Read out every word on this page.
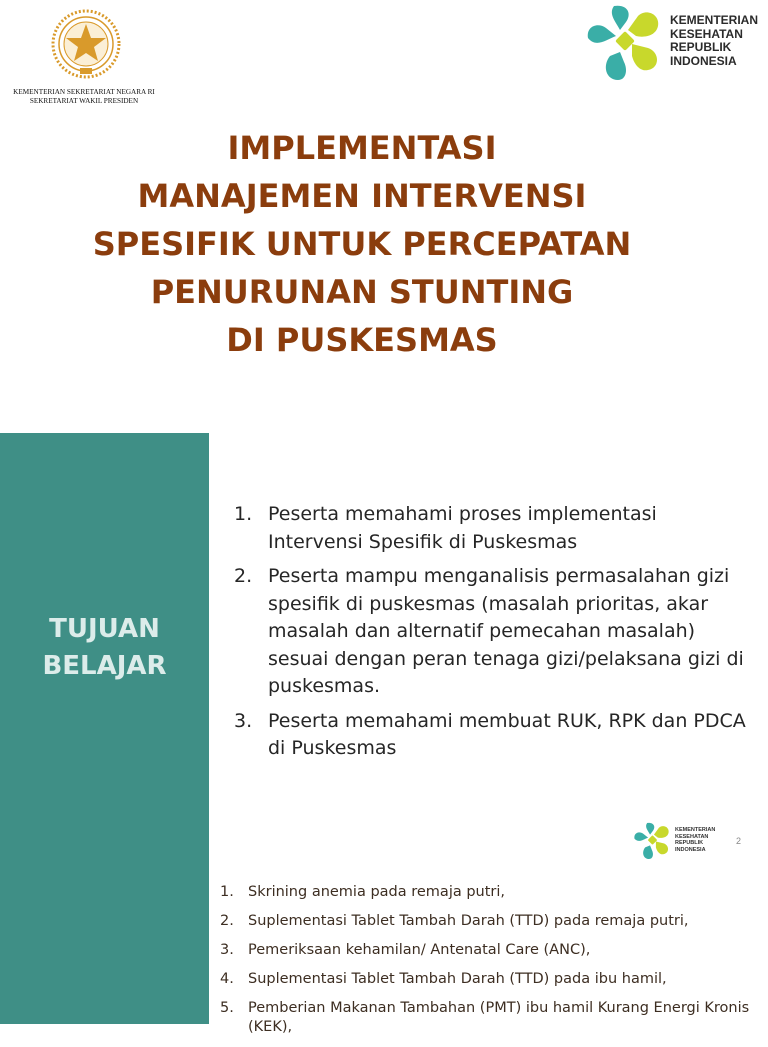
KEMENTERIAN SEKRETARIAT NEGARA RI
SEKRETARIAT WAKIL PRESIDEN
KEMENTERIAN
KESEHATAN
REPUBLIK
INDONESIA
IMPLEMENTASI
MANAJEMEN INTERVENSI
SPESIFIK UNTUK PERCEPATAN
PENURUNAN STUNTING
DI PUSKESMAS
TUJUAN
BELAJAR
1. Peserta memahami proses implementasi Intervensi Spesifik di Puskesmas
2. Peserta mampu menganalisis permasalahan gizi spesifik di puskesmas (masalah prioritas, akar masalah dan alternatif pemecahan masalah) sesuai dengan peran tenaga gizi/pelaksana gizi di puskesmas.
3. Peserta memahami membuat RUK, RPK dan PDCA di Puskesmas
KEMENTERIAN
KESEHATAN
REPUBLIK
INDONESIA
2
1. Skrining anemia pada remaja putri,
2. Suplementasi Tablet Tambah Darah (TTD) pada remaja putri,
3. Pemeriksaan kehamilan/ Antenatal Care (ANC),
4. Suplementasi Tablet Tambah Darah (TTD) pada ibu hamil,
5. Pemberian Makanan Tambahan (PMT) ibu hamil Kurang Energi Kronis (KEK),
